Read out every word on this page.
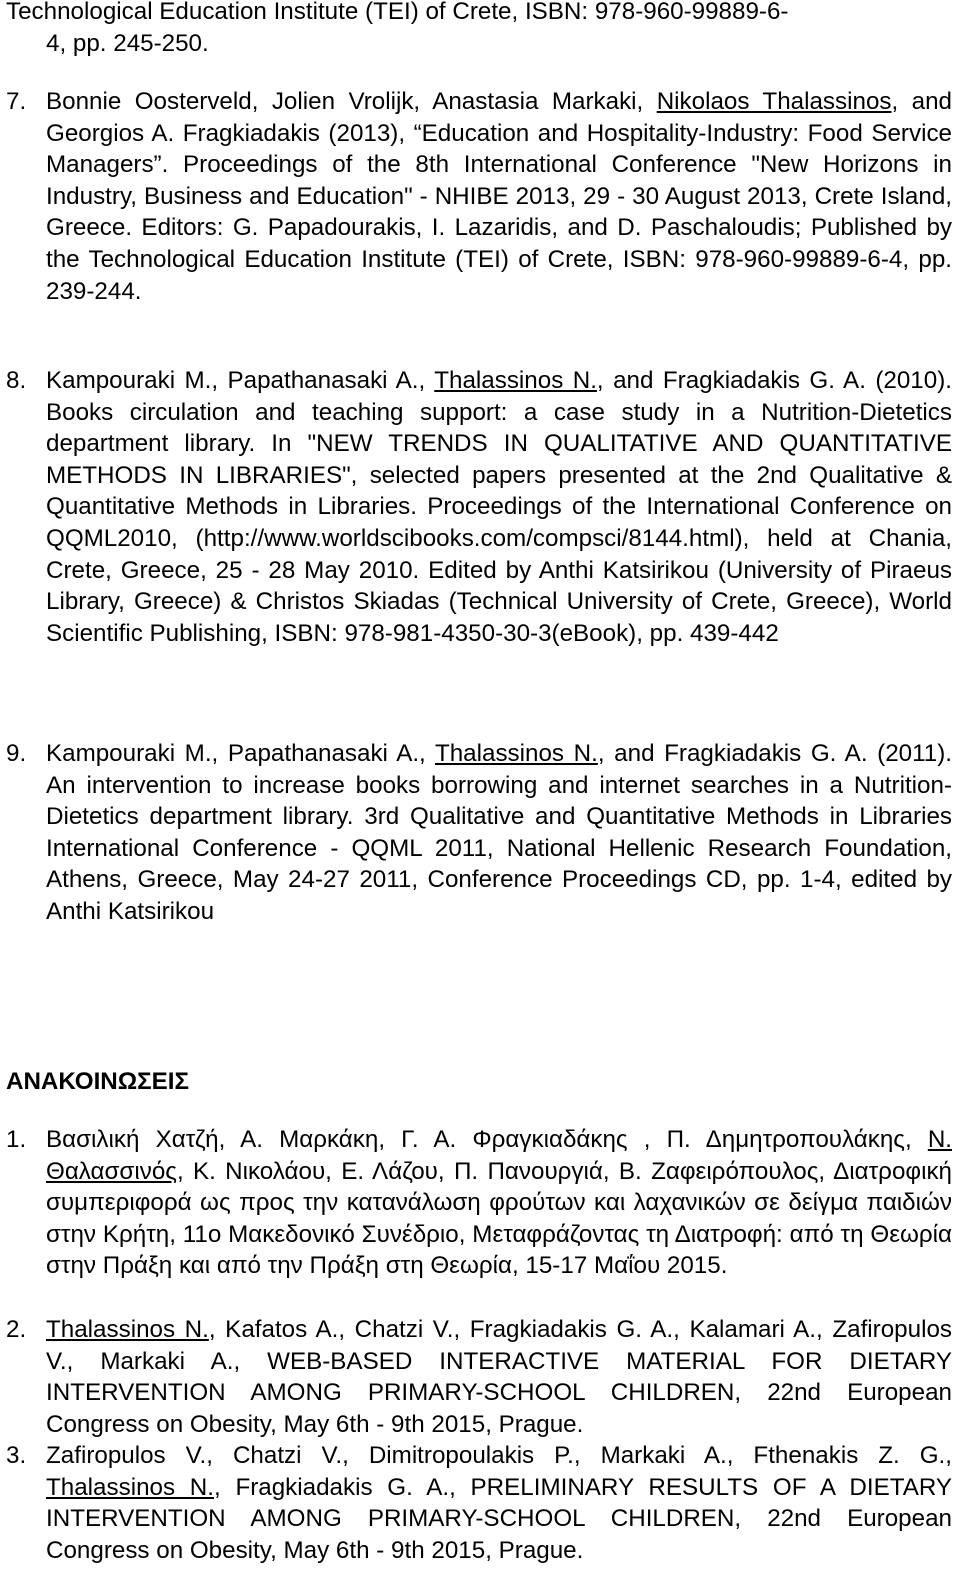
Technological Education Institute (TEI) of Crete, ISBN: 978-960-99889-6-
4, pp. 245-250.
7. Bonnie Oosterveld, Jolien Vrolijk, Anastasia Markaki, Nikolaos Thalassinos, and Georgios A. Fragkiadakis (2013), “Education and Hospitality-Industry: Food Service Managers”. Proceedings of the 8th International Conference "New Horizons in Industry, Business and Education" - NHIBE 2013, 29 - 30 August 2013, Crete Island, Greece. Editors: G. Papadourakis, I. Lazaridis, and D. Paschaloudis; Published by the Technological Education Institute (TEI) of Crete, ISBN: 978-960-99889-6-4, pp. 239-244.
8. Kampouraki M., Papathanasaki A., Thalassinos N., and Fragkiadakis G. A. (2010). Books circulation and teaching support: a case study in a Nutrition-Dietetics department library. In "NEW TRENDS IN QUALITATIVE AND QUANTITATIVE METHODS IN LIBRARIES", selected papers presented at the 2nd Qualitative & Quantitative Methods in Libraries. Proceedings of the International Conference on QQML2010, (http://www.worldscibooks.com/compsci/8144.html), held at Chania, Crete, Greece, 25 - 28 May 2010. Edited by Anthi Katsirikou (University of Piraeus Library, Greece) & Christos Skiadas (Technical University of Crete, Greece), World Scientific Publishing, ISBN: 978-981-4350-30-3(eBook), pp. 439-442
9. Kampouraki M., Papathanasaki A., Thalassinos N., and Fragkiadakis G. A. (2011). An intervention to increase books borrowing and internet searches in a Nutrition-Dietetics department library. 3rd Qualitative and Quantitative Methods in Libraries International Conference - QQML 2011, National Hellenic Research Foundation, Athens, Greece, May 24-27 2011, Conference Proceedings CD, pp. 1-4, edited by Anthi Katsirikou
ΑΝΑΚΟΙΝΩΣΕΙΣ
1. Βασιλική Χατζή, Α. Μαρκάκη, Γ. Α. Φραγκιαδάκης , Π. Δημητροπουλάκης, Ν. Θαλασσινός, Κ. Νικολάου, Ε. Λάζου, Π. Πανουργιά, Β. Ζαφειρόπουλος, Διατροφική συμπεριφορά ως προς την κατανάλωση φρούτων και λαχανικών σε δείγμα παιδιών στην Κρήτη, 11ο Μακεδονικό Συνέδριο, Μεταφράζοντας τη Διατροφή: από τη Θεωρία στην Πράξη και από την Πράξη στη Θεωρία, 15-17 Μαΐου 2015.
2. Thalassinos N., Kafatos A., Chatzi V., Fragkiadakis G. A., Kalamari A., Zafiropulos V., Markaki A., WEB-BASED INTERACTIVE MATERIAL FOR DIETARY INTERVENTION AMONG PRIMARY-SCHOOL CHILDREN, 22nd European Congress on Obesity, May 6th - 9th 2015, Prague.
3. Zafiropulos V., Chatzi V., Dimitropoulakis P., Markaki A., Fthenakis Z. G., Thalassinos N., Fragkiadakis G. A., PRELIMINARY RESULTS OF A DIETARY INTERVENTION AMONG PRIMARY-SCHOOL CHILDREN, 22nd European Congress on Obesity, May 6th - 9th 2015, Prague.
